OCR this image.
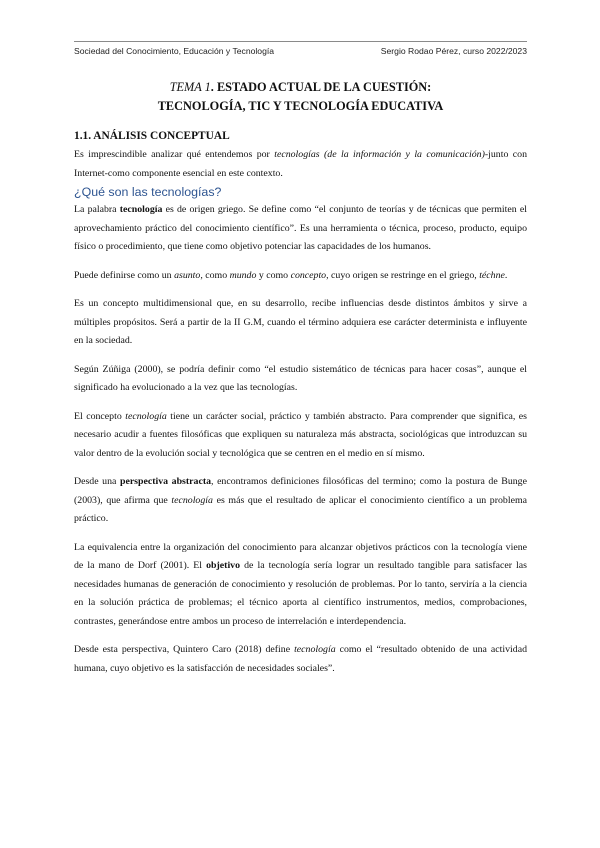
Sociedad del Conocimiento, Educación y Tecnología	Sergio Rodao Pérez, curso 2022/2023
TEMA 1. ESTADO ACTUAL DE LA CUESTIÓN:
TECNOLOGÍA, TIC Y TECNOLOGÍA EDUCATIVA
1.1. ANÁLISIS CONCEPTUAL

Es imprescindible analizar qué entendemos por tecnologías (de la información y la comunicación)-junto con Internet-como componente esencial en este contexto.

¿Qué son las tecnologías?

La palabra tecnología es de origen griego. Se define como “el conjunto de teorías y de técnicas que permiten el aprovechamiento práctico del conocimiento científico”. Es una herramienta o técnica, proceso, producto, equipo físico o procedimiento, que tiene como objetivo potenciar las capacidades de los humanos.

Puede definirse como un asunto, como mundo y como concepto, cuyo origen se restringe en el griego, téchne.

Es un concepto multidimensional que, en su desarrollo, recibe influencias desde distintos ámbitos y sirve a múltiples propósitos. Será a partir de la II G.M, cuando el término adquiera ese carácter determinista e influyente en la sociedad.

Según Zúñiga (2000), se podría definir como “el estudio sistemático de técnicas para hacer cosas”, aunque el significado ha evolucionado a la vez que las tecnologías.

El concepto tecnología tiene un carácter social, práctico y también abstracto. Para comprender que significa, es necesario acudir a fuentes filosóficas que expliquen su naturaleza más abstracta, sociológicas que introduzcan su valor dentro de la evolución social y tecnológica que se centren en el medio en sí mismo.

Desde una perspectiva abstracta, encontramos definiciones filosóficas del termino; como la postura de Bunge (2003), que afirma que tecnología es más que el resultado de aplicar el conocimiento científico a un problema práctico.

La equivalencia entre la organización del conocimiento para alcanzar objetivos prácticos con la tecnología viene de la mano de Dorf (2001). El objetivo de la tecnología sería lograr un resultado tangible para satisfacer las necesidades humanas de generación de conocimiento y resolución de problemas. Por lo tanto, serviría a la ciencia en la solución práctica de problemas; el técnico aporta al científico instrumentos, medios, comprobaciones, contrastes, generándose entre ambos un proceso de interrelación e interdependencia.

Desde esta perspectiva, Quintero Caro (2018) define tecnología como el “resultado obtenido de una actividad humana, cuyo objetivo es la satisfacción de necesidades sociales”.
